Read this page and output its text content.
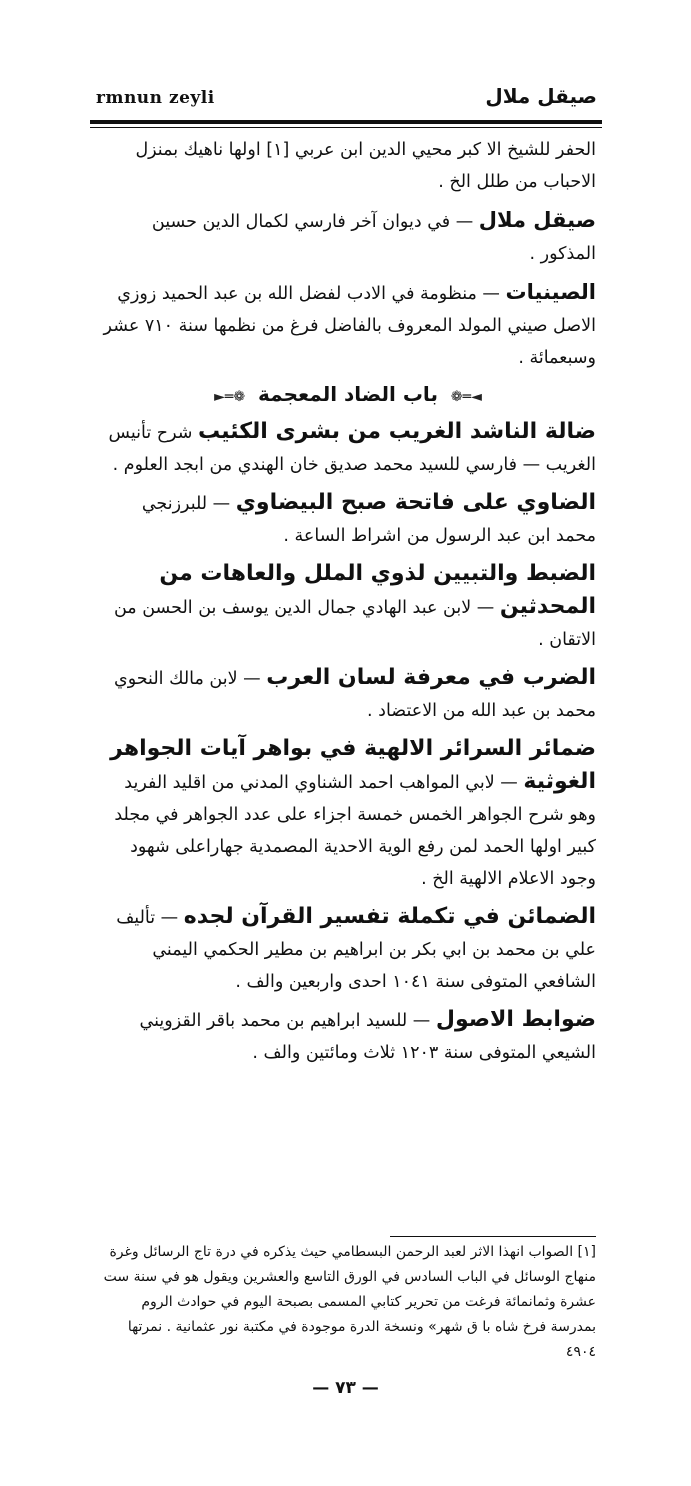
rmnun zeyli	صيقل ملال

الحفر للشيخ الا كبر محيي الدين ابن عربي [١] اولها ناهيك بمنزل الاحباب من طلل الخ .

صيقل ملال — في ديوان آخر فارسي لكمال الدين حسين المذكور .

الصينيات — منظومة في الادب لفضل الله بن عبد الحميد زوزي الاصل صيني المولد المعروف بالفاضل فرغ من نظمها سنة ٧١٠ عشر وسبعمائة .

◄═❁ باب الضاد المعجمة ❁═►

ضالة الناشد الغريب من بشرى الكئيب شرح تأنيس الغريب — فارسي للسيد محمد صديق خان الهندي من ابجد العلوم .

الضاوي على فاتحة صبح البيضاوي — للبرزنجي محمد ابن عبد الرسول من اشراط الساعة .

الضبط والتبيين لذوي الملل والعاهات من المحدثين — لابن عبد الهادي جمال الدين يوسف بن الحسن من الاتقان .

الضرب في معرفة لسان العرب — لابن مالك النحوي محمد بن عبد الله من الاعتضاد .

ضمائر السرائر الالهية في بواهر آيات الجواهر الغوثية — لابي المواهب احمد الشناوي المدني من اقليد الفريد وهو شرح الجواهر الخمس خمسة اجزاء على عدد الجواهر في مجلد كبير اولها الحمد لمن رفع الوية الاحدية المصمدية جهاراعلى شهود وجود الاعلام الالهية الخ .

الضمائن في تكملة تفسير القرآن لجده — تأليف علي بن محمد بن ابي بكر بن ابراهيم بن مطير الحكمي اليمني الشافعي المتوفى سنة ١٠٤١ احدى واربعين والف .

ضوابط الاصول — للسيد ابراهيم بن محمد باقر القزويني الشيعي المتوفى سنة ١٢٠٣ ثلاث ومائتين والف .

[١] الصواب انهذا الاثر لعبد الرحمن البسطامي حيث يذكره في درة تاج الرسائل وغرة منهاج الوسائل في الباب السادس في الورق التاسع والعشرين ويقول هو في سنة ست عشرة وثمانمائة فرغت من تحرير كتابي المسمى بصبحة اليوم في حوادث الروم بمدرسة فرخ شاه با ق شهر» ونسخة الدرة موجودة في مكتبة نور عثمانية . نمرتها ٤٩٠٤
— ٧٣ —
